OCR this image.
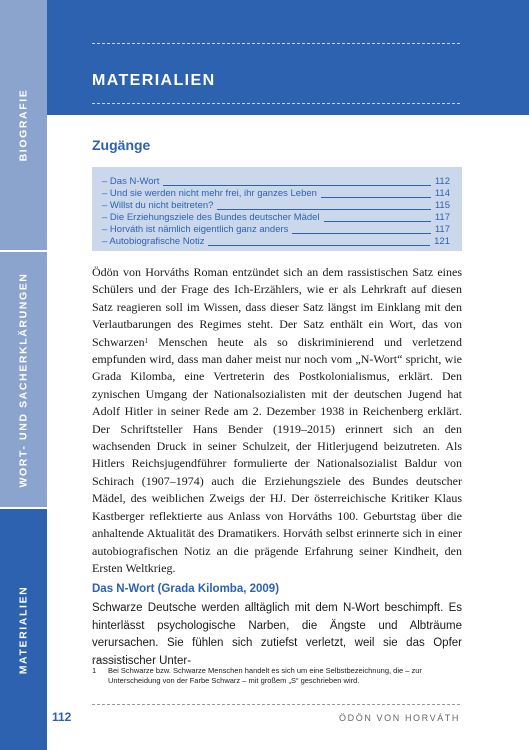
BIOGRAFIE
WORT- UND SACHERKLÄRUNGEN
MATERIALIEN
MATERIALIEN
Zugänge
– Das N-Wort	112
– Und sie werden nicht mehr frei, ihr ganzes Leben	114
– Willst du nicht beitreten?	115
– Die Erziehungsziele des Bundes deutscher Mädel	117
– Horváth ist nämlich eigentlich ganz anders	117
– Autobiografische Notiz	121

Ödön von Horváths Roman entzündet sich an dem rassistischen Satz eines Schülers und der Frage des Ich-Erzählers, wie er als Lehrkraft auf diesen Satz reagieren soll im Wissen, dass dieser Satz längst im Einklang mit den Verlautbarungen des Regimes steht. Der Satz enthält ein Wort, das von Schwarzen$^1$ Menschen heute als so diskriminierend und verletzend empfunden wird, dass man daher meist nur noch vom „N-Wort“ spricht, wie Grada Kilomba, eine Vertreterin des Postkolonialismus, erklärt. Den zynischen Umgang der Nationalsozialisten mit der deutschen Jugend hat Adolf Hitler in seiner Rede am 2. Dezember 1938 in Reichenberg erklärt. Der Schriftsteller Hans Bender (1919–2015) erinnert sich an den wachsenden Druck in seiner Schulzeit, der Hitlerjugend beizutreten. Als Hitlers Reichsjugendführer formulierte der Nationalsozialist Baldur von Schirach (1907–1974) auch die Erziehungsziele des Bundes deutscher Mädel, des weiblichen Zweigs der HJ. Der österreichische Kritiker Klaus Kastberger reflektierte aus Anlass von Horváths 100. Geburtstag über die anhaltende Aktualität des Dramatikers. Horváth selbst erinnerte sich in einer autobiografischen Notiz an die prägende Erfahrung seiner Kindheit, den Ersten Weltkrieg.

Das N-Wort (Grada Kilomba, 2009)

Schwarze Deutsche werden alltäglich mit dem N-Wort beschimpft. Es hinterlässt psychologische Narben, die Ängste und Albträume verursachen. Sie fühlen sich zutiefst verletzt, weil sie das Opfer rassistischer Unter-

1 Bei Schwarze bzw. Schwarze Menschen handelt es sich um eine Selbstbezeichnung, die – zur Unterscheidung von der Farbe Schwarz – mit großem „S“ geschrieben wird.
112	ÖDÖN VON HORVÁTH
